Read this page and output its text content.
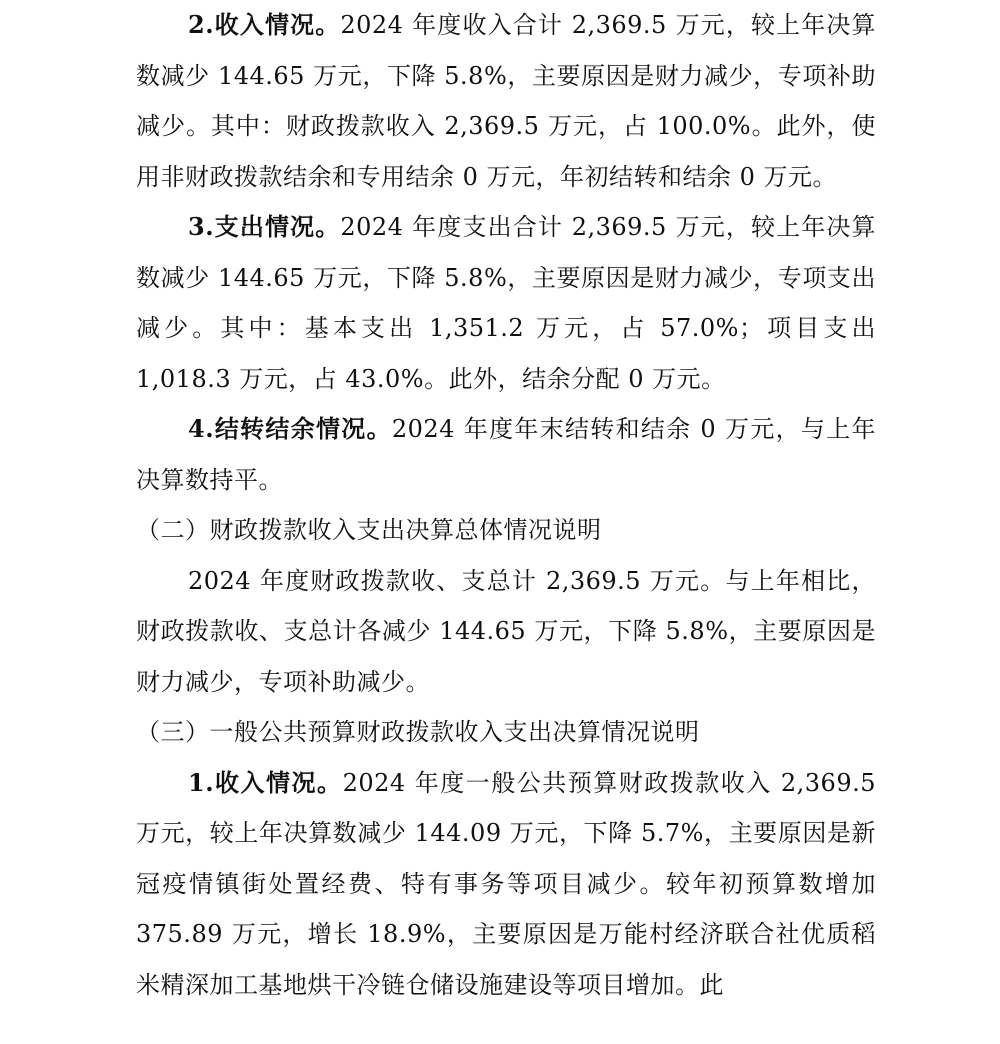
2.收入情况。2024 年度收入合计 2,369.5 万元，较上年决算数减少 144.65 万元，下降 5.8%，主要原因是财力减少，专项补助减少。其中：财政拨款收入 2,369.5 万元，占 100.0%。此外，使用非财政拨款结余和专用结余 0 万元，年初结转和结余 0 万元。

3.支出情况。2024 年度支出合计 2,369.5 万元，较上年决算数减少 144.65 万元，下降 5.8%，主要原因是财力减少，专项支出减少。其中：基本支出 1,351.2 万元，占 57.0%；项目支出 1,018.3 万元，占 43.0%。此外，结余分配 0 万元。

4.结转结余情况。2024 年度年末结转和结余 0 万元，与上年决算数持平。

（二）财政拨款收入支出决算总体情况说明

2024 年度财政拨款收、支总计 2,369.5 万元。与上年相比，财政拨款收、支总计各减少 144.65 万元，下降 5.8%，主要原因是财力减少，专项补助减少。

（三）一般公共预算财政拨款收入支出决算情况说明

1.收入情况。2024 年度一般公共预算财政拨款收入 2,369.5 万元，较上年决算数减少 144.09 万元，下降 5.7%，主要原因是新冠疫情镇街处置经费、特有事务等项目减少。较年初预算数增加 375.89 万元，增长 18.9%，主要原因是万能村经济联合社优质稻米精深加工基地烘干冷链仓储设施建设等项目增加。此
